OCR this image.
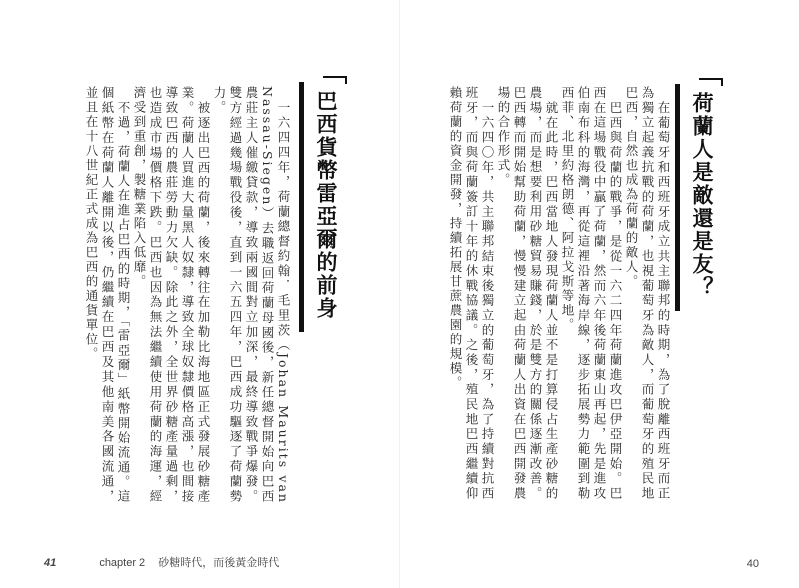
荷蘭人是敵還是友？
在葡萄牙和西班牙成立共主聯邦的時期，為了脫離西班牙而正為獨立起義抗戰的荷蘭，也視葡萄牙為敵人，而葡萄牙的殖民地巴西，自然也成為荷蘭的敵人。
巴西與荷蘭的戰爭，是從一六二四年荷蘭進攻巴伊亞開始。巴西在這場戰役中贏了荷蘭，然而六年後荷蘭東山再起，先是進攻伯南布科的海灣，再從這裡沿著海岸線，逐步拓展勢力範圍到勒西菲、北里約格朗德、阿拉戈斯等地。
就在此時，巴西當地人發現荷蘭人並不是打算侵占生產砂糖的農場，而是想要利用砂糖貿易賺錢，於是雙方的關係逐漸改善。巴西轉而開始幫助荷蘭，慢慢建立起由荷蘭人出資在巴西開發農場的合作形式。
一六四〇年，共主聯邦結束後獨立的葡萄牙，為了持續對抗西班牙，而與荷蘭簽訂十年的休戰協議。之後，殖民地巴西繼續仰賴荷蘭的資金開發，持續拓展甘蔗農園的規模。
巴西貨幣雷亞爾的前身
一六四四年，荷蘭總督約翰．毛里茨（Johan Maurits van Nassau-Siegen）去職返回荷蘭母國後，新任總督開始向巴西農莊主人催繳貸款，導致兩國間對立加深，最終導致戰爭爆發。雙方經過幾場戰役後，直到一六五四年，巴西成功驅逐了荷蘭勢力。
被逐出巴西的荷蘭，後來轉往在加勒比海地區正式發展砂糖產業。荷蘭人買進大量黑人奴隸，導致全球奴隸價格高漲，也間接導致巴西的農莊勞動力欠缺。除此之外，全世界砂糖產量過剩，也造成市場價格下跌。巴西也因為無法繼續使用荷蘭的海運，經濟受到重創，製糖業陷入低靡。
不過，荷蘭人在進占巴西的時期，「雷亞爾」紙幣開始流通。這個紙幣在荷蘭人離開以後，仍繼續在巴西及其他南美各國流通，並且在十八世紀正式成為巴西的通貨單位。
41	chapter 2 砂糖時代，而後黃金時代	40
